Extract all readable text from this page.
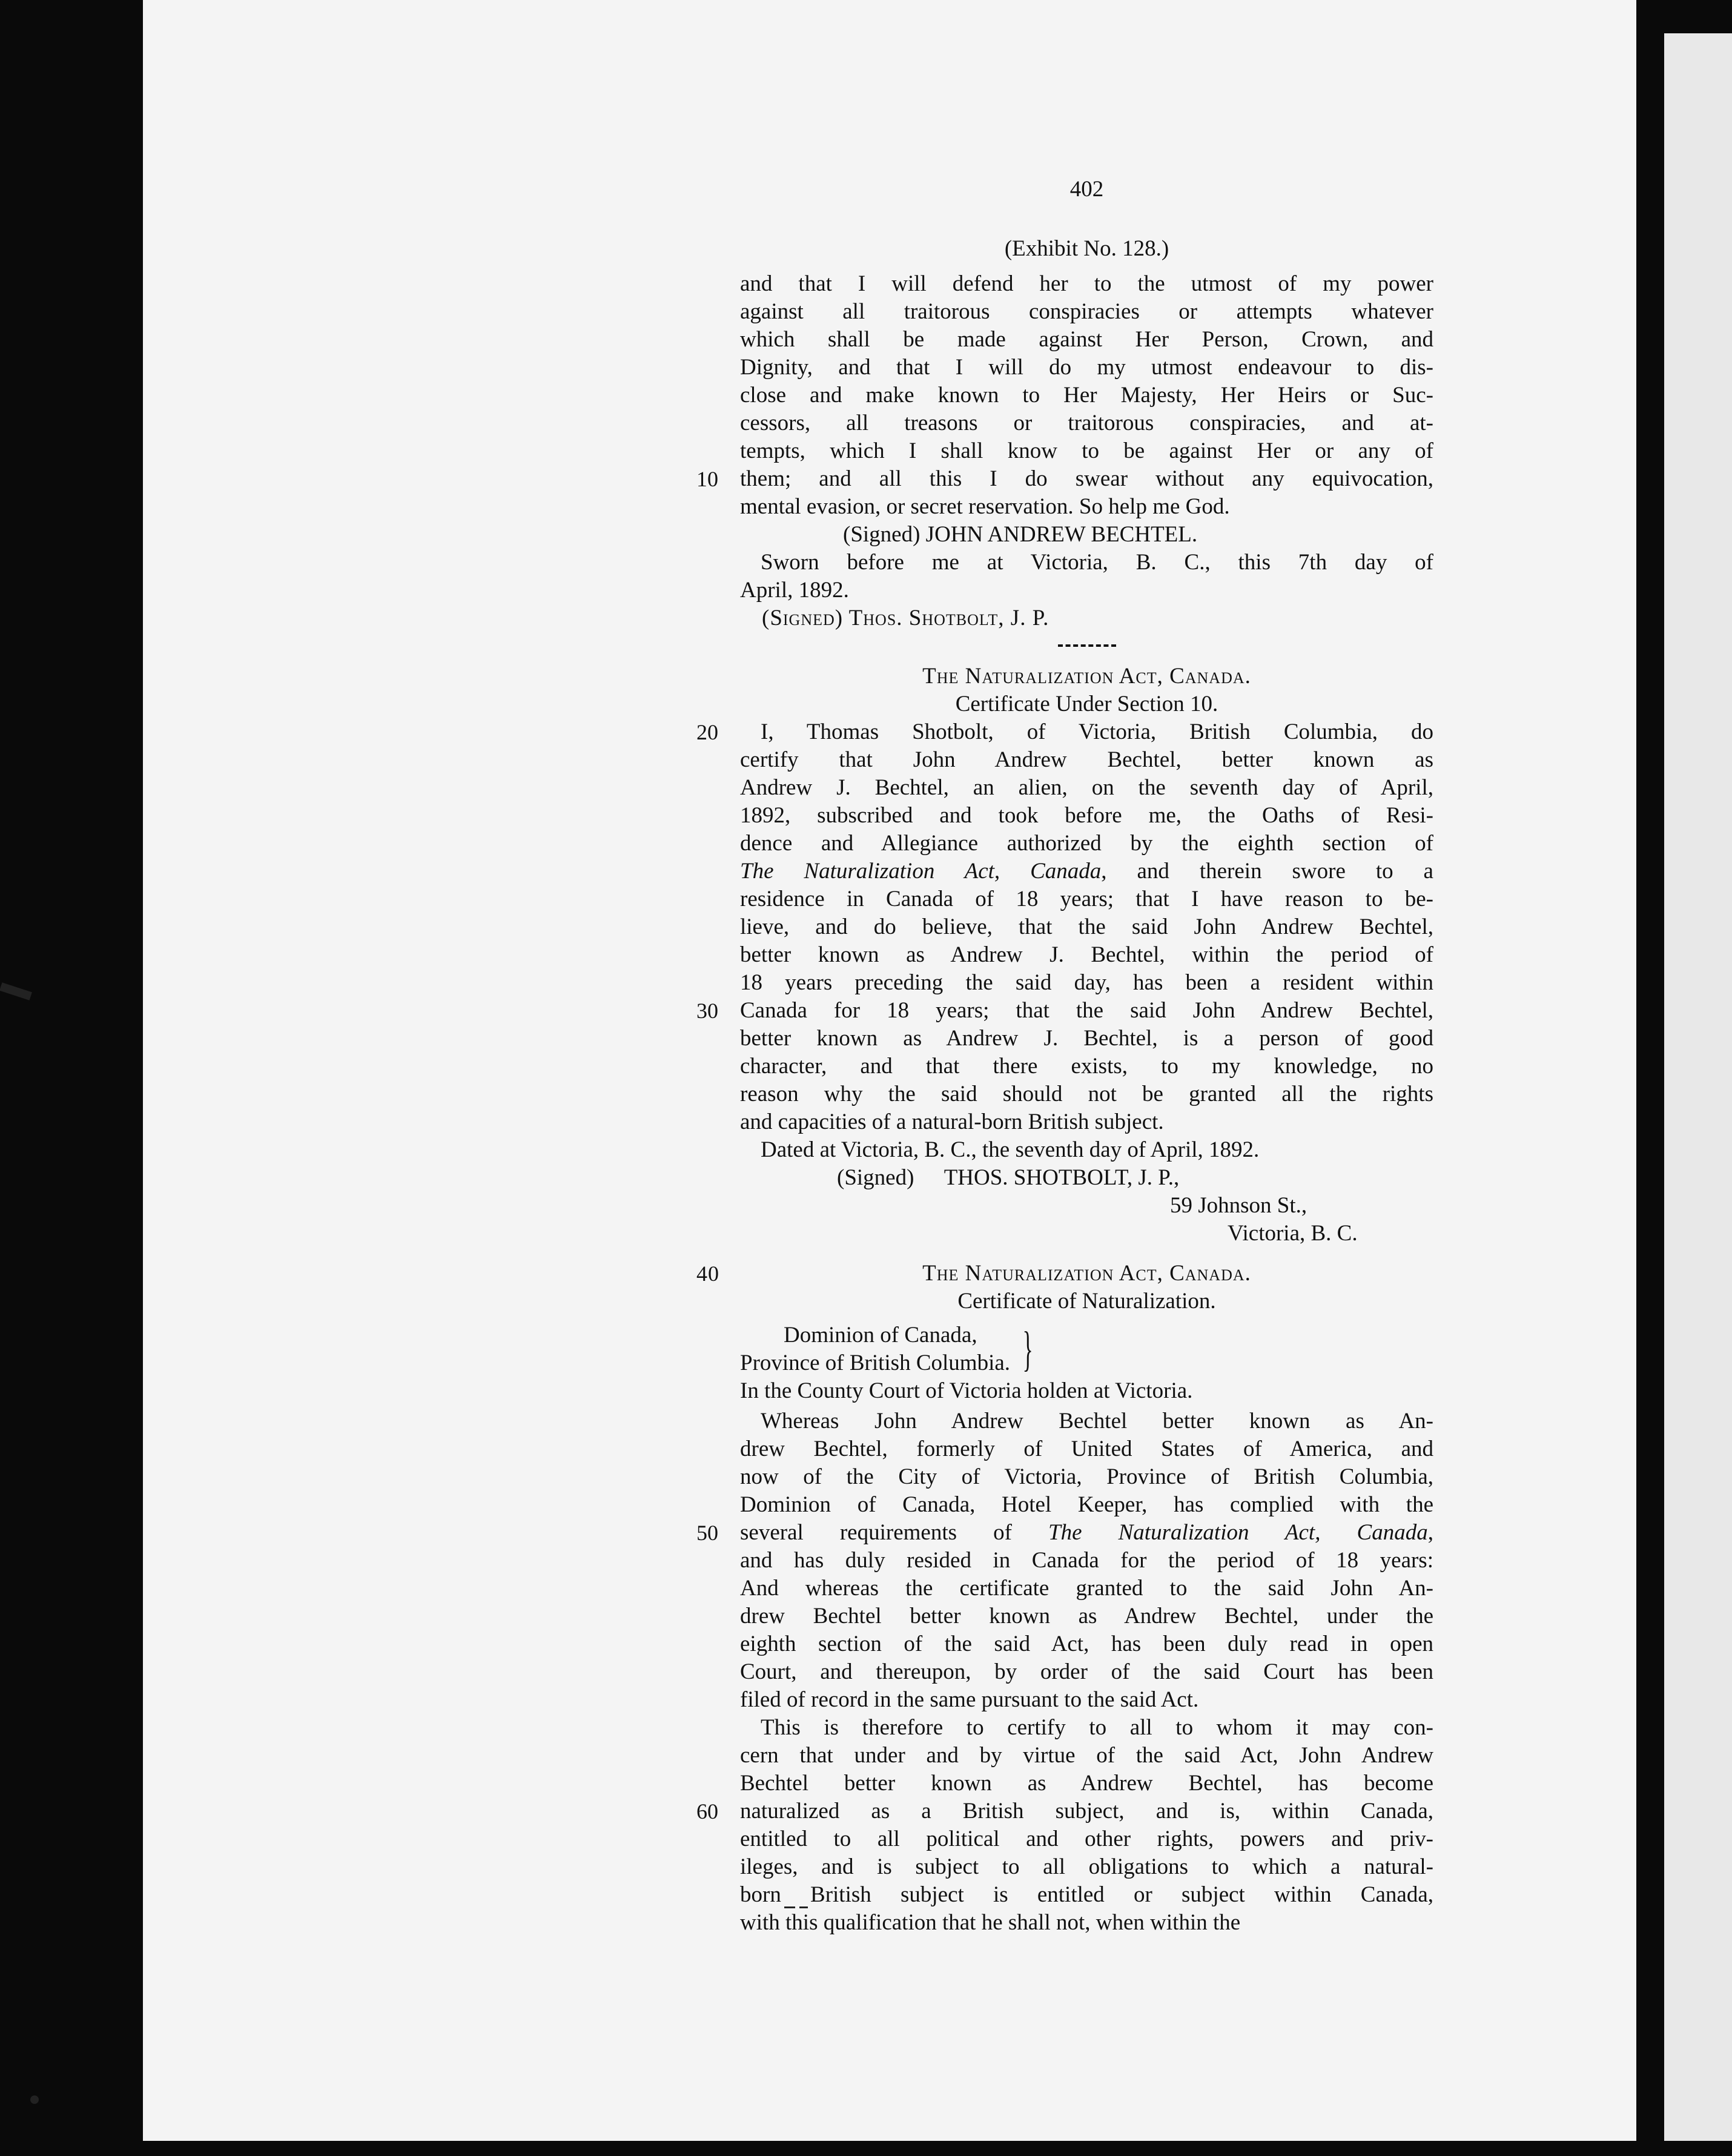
402
(Exhibit No. 128.)

and that I will defend her to the utmost of my power

against all traitorous conspiracies or attempts whatever

which shall be made against Her Person, Crown, and

Dignity, and that I will do my utmost endeavour to dis-

close and make known to Her Majesty, Her Heirs or Suc-

cessors, all treasons or traitorous conspiracies, and at-

tempts, which I shall know to be against Her or any of

10 them; and all this I do swear without any equivocation,

mental evasion, or secret reservation. So help me God.

(Signed) JOHN ANDREW BECHTEL.

Sworn before me at Victoria, B. C., this 7th day of

April, 1892.

(Signed) Thos. Shotbolt, J. P.
The Naturalization Act, Canada.
Certificate Under Section 10.

20 I, Thomas Shotbolt, of Victoria, British Columbia, do

certify that John Andrew Bechtel, better known as

Andrew J. Bechtel, an alien, on the seventh day of April,

1892, subscribed and took before me, the Oaths of Resi-

dence and Allegiance authorized by the eighth section of

The Naturalization Act, Canada, and therein swore to a

residence in Canada of 18 years; that I have reason to be-

lieve, and do believe, that the said John Andrew Bechtel,

better known as Andrew J. Bechtel, within the period of

18 years preceding the said day, has been a resident within

30 Canada for 18 years; that the said John Andrew Bechtel,

better known as Andrew J. Bechtel, is a person of good

character, and that there exists, to my knowledge, no

reason why the said should not be granted all the rights

and capacities of a natural-born British subject.

Dated at Victoria, B. C., the seventh day of April, 1892.

(Signed) THOS. SHOTBOLT, J. P.,
59 Johnson St.,
Victoria, B. C.
40	The Naturalization Act, Canada.
Certificate of Naturalization.
Dominion of Canada,
Province of British Columbia. }
In the County Court of Victoria holden at Victoria.

Whereas John Andrew Bechtel better known as An-

drew Bechtel, formerly of United States of America, and

now of the City of Victoria, Province of British Columbia,

Dominion of Canada, Hotel Keeper, has complied with the

50 several requirements of The Naturalization Act, Canada,

and has duly resided in Canada for the period of 18 years:

And whereas the certificate granted to the said John An-

drew Bechtel better known as Andrew Bechtel, under the

eighth section of the said Act, has been duly read in open

Court, and thereupon, by order of the said Court has been

filed of record in the same pursuant to the said Act.

This is therefore to certify to all to whom it may con-

cern that under and by virtue of the said Act, John Andrew

Bechtel better known as Andrew Bechtel, has become

60 naturalized as a British subject, and is, within Canada,

entitled to all political and other rights, powers and priv-

ileges, and is subject to all obligations to which a natural-

born British subject is entitled or subject within Canada,

with this qualification that he shall not, when within the
